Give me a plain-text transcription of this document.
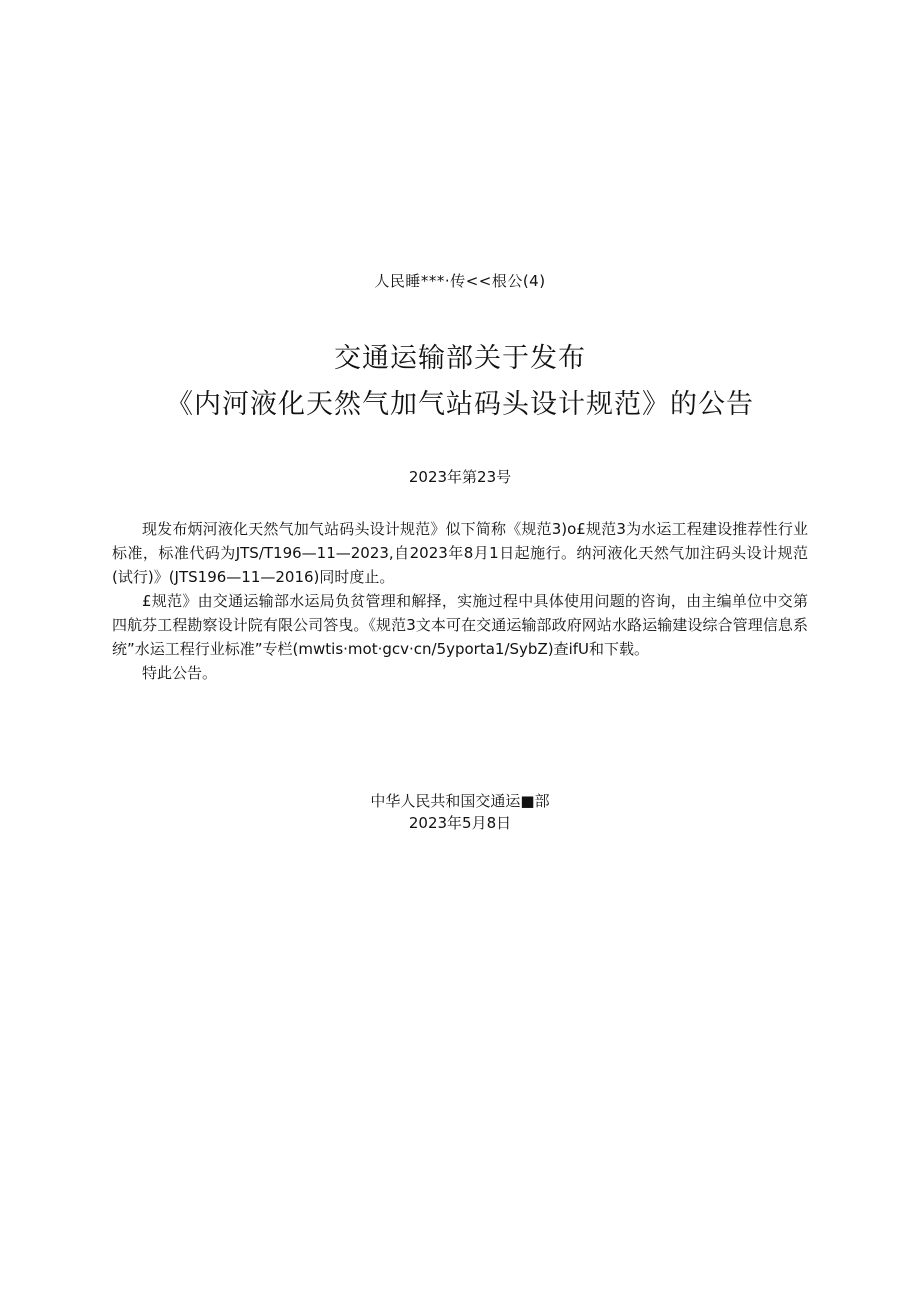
人民睡***·传<<根公(4)
交通运输部关于发布
《内河液化天然气加气站码头设计规范》的公告
2023年第23号

现发布炳河液化天然气加气站码头设计规范》似下简称《规范3)o£规范3为水运工程建设推荐性行业标准，标准代码为JTS/T196—11—2023,自2023年8月1日起施行。纳河液化天然气加注码头设计规范(试行)》(JTS196—11—2016)同时度止。

£规范》由交通运输部水运局负贫管理和解择，实施过程中具体使用问题的咨询，由主编单位中交第四航芬工程勘察设计院有限公司答曳。《规范3文本可在交通运输部政府网站水路运输建设综合管理信息系统”水运工程行业标准”专栏(mwtis·mot·gcv·cn/5yporta1/SybZ)查ifU和下载。

特此公告。

中华人民共和国交通运■部
2023年5月8日
